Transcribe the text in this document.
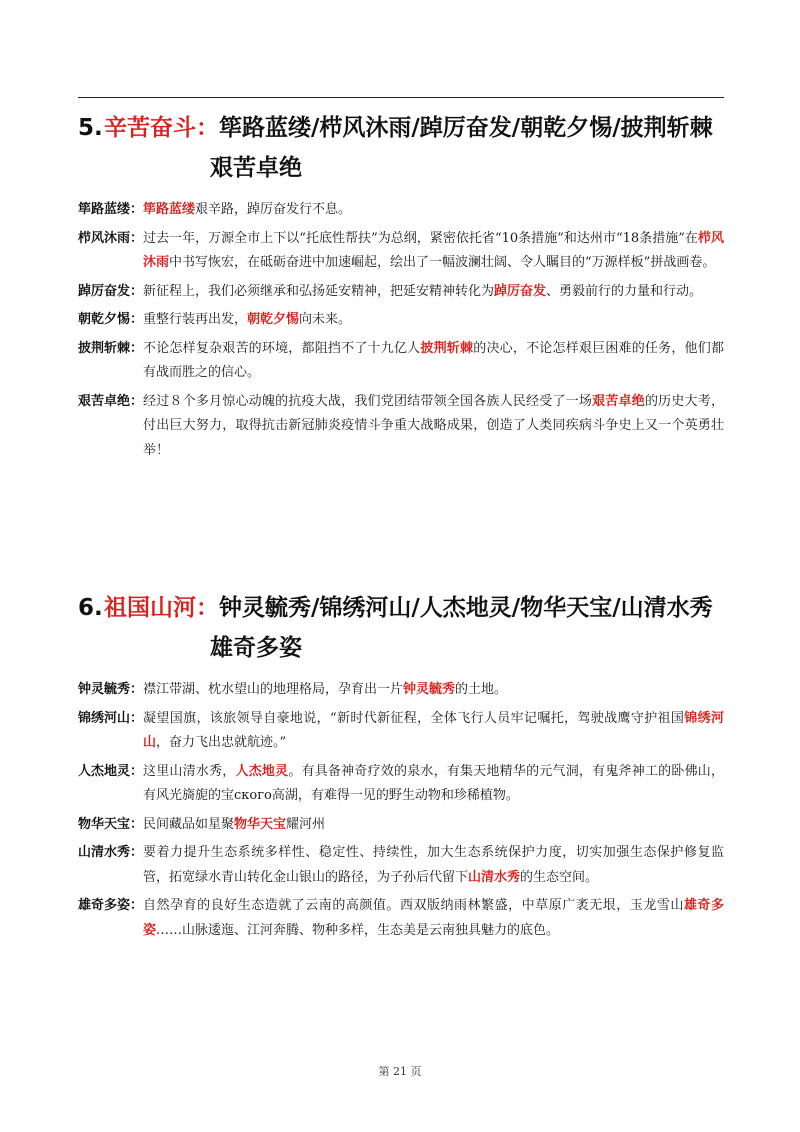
5.辛苦奋斗：筚路蓝缕/栉风沐雨/踔厉奋发/朝乾夕惕/披荆斩棘
艰苦卓绝
筚路蓝缕： 筚路蓝缕艰辛路，踔厉奋发行不息。
栉风沐雨： 过去一年，万源全市上下以“托底性帮扶”为总纲，紧密依托省“10条措施”和达州市“18条措施”在栉风沐雨中书写恢宏，在砥砺奋进中加速崛起，绘出了一幅波澜壮阔、令人瞩目的“万源样板”拼战画卷。
踔厉奋发： 新征程上，我们必须继承和弘扬延安精神，把延安精神转化为踔厉奋发、勇毅前行的力量和行动。
朝乾夕惕： 重整行装再出发，朝乾夕惕向未来。
披荆斩棘： 不论怎样复杂艰苦的环境，都阻挡不了十九亿人披荆斩棘的决心，不论怎样艰巨困难的任务，他们都有战而胜之的信心。
艰苦卓绝： 经过８个多月惊心动魄的抗疫大战，我们党团结带领全国各族人民经受了一场艰苦卓绝的历史大考，付出巨大努力，取得抗击新冠肺炎疫情斗争重大战略成果，创造了人类同疾病斗争史上又一个英勇壮举！
6.祖国山河：钟灵毓秀/锦绣河山/人杰地灵/物华天宝/山清水秀
雄奇多姿
钟灵毓秀： 襟江带湖、枕水望山的地理格局，孕育出一片钟灵毓秀的土地。
锦绣河山： 凝望国旗，该旅领导自豪地说，“新时代新征程，全体飞行人员牢记嘱托，驾驶战鹰守护祖国锦绣河山，奋力飞出忠就航迹。”
人杰地灵： 这里山清水秀，人杰地灵。有具备神奇疗效的泉水，有集天地精华的元气洞，有鬼斧神工的卧佛山，有风光旖旎的宝ского高湖，有难得一见的野生动物和珍稀植物。
物华天宝： 民间藏品如星聚物华天宝耀河州
山清水秀： 要着力提升生态系统多样性、稳定性、持续性，加大生态系统保护力度，切实加强生态保护修复监管，拓宽绿水青山转化金山银山的路径，为子孙后代留下山清水秀的生态空间。
雄奇多姿： 自然孕育的良好生态造就了云南的高颜值。西双版纳雨林繁盛，中草原广袤无垠，玉龙雪山雄奇多姿……山脉逶迤、江河奔腾、物种多样，生态美是云南独具魅力的底色。
第 21 页
